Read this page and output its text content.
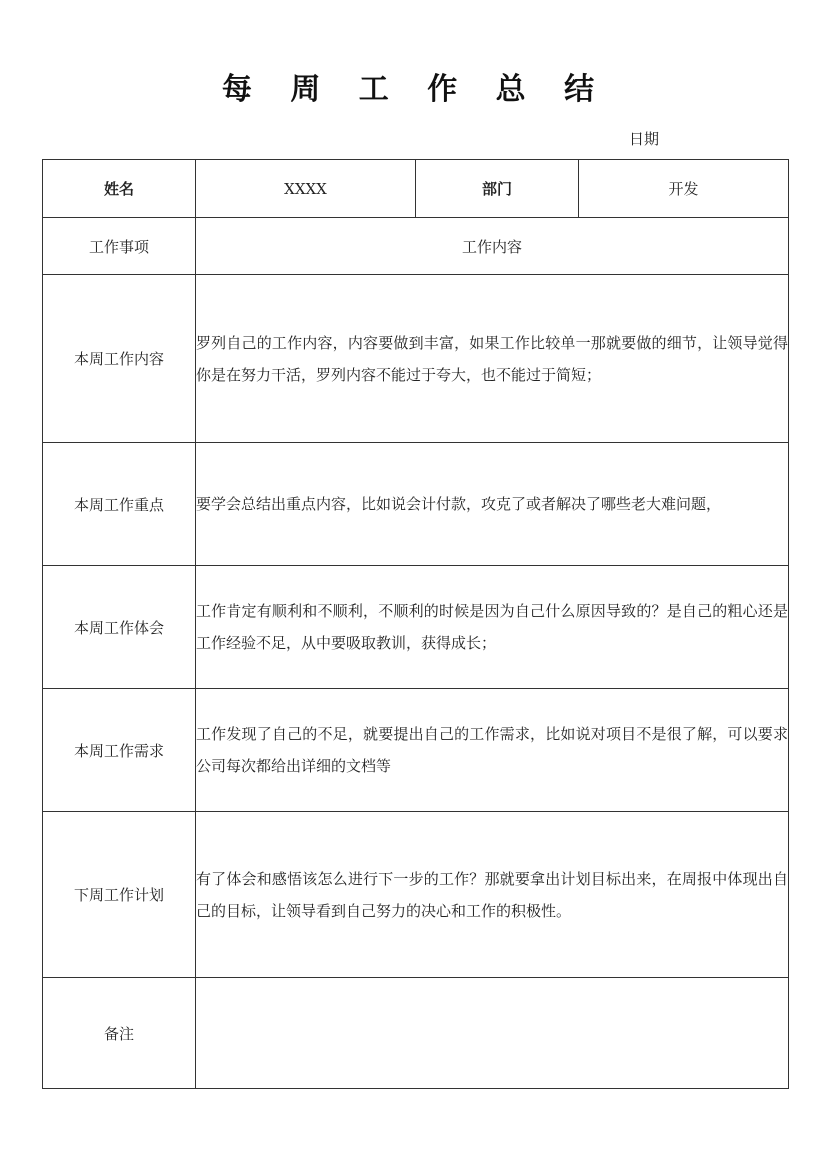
每 周 工 作 总 结
日期
姓名	XXXX	部门	开发
工作事项	工作内容		
本周工作内容	罗列自己的工作内容，内容要做到丰富，如果工作比较单一那就要做的细节，让领导觉得你是在努力干活，罗列内容不能过于夸大，也不能过于简短；		
本周工作重点	要学会总结出重点内容，比如说会计付款，攻克了或者解决了哪些老大难问题，		
本周工作体会	工作肯定有顺利和不顺利，不顺利的时候是因为自己什么原因导致的？是自己的粗心还是工作经验不足，从中要吸取教训，获得成长；		
本周工作需求	工作发现了自己的不足，就要提出自己的工作需求，比如说对项目不是很了解，可以要求公司每次都给出详细的文档等		
下周工作计划	有了体会和感悟该怎么进行下一步的工作？那就要拿出计划目标出来，在周报中体现出自己的目标，让领导看到自己努力的决心和工作的积极性。		
备注			
